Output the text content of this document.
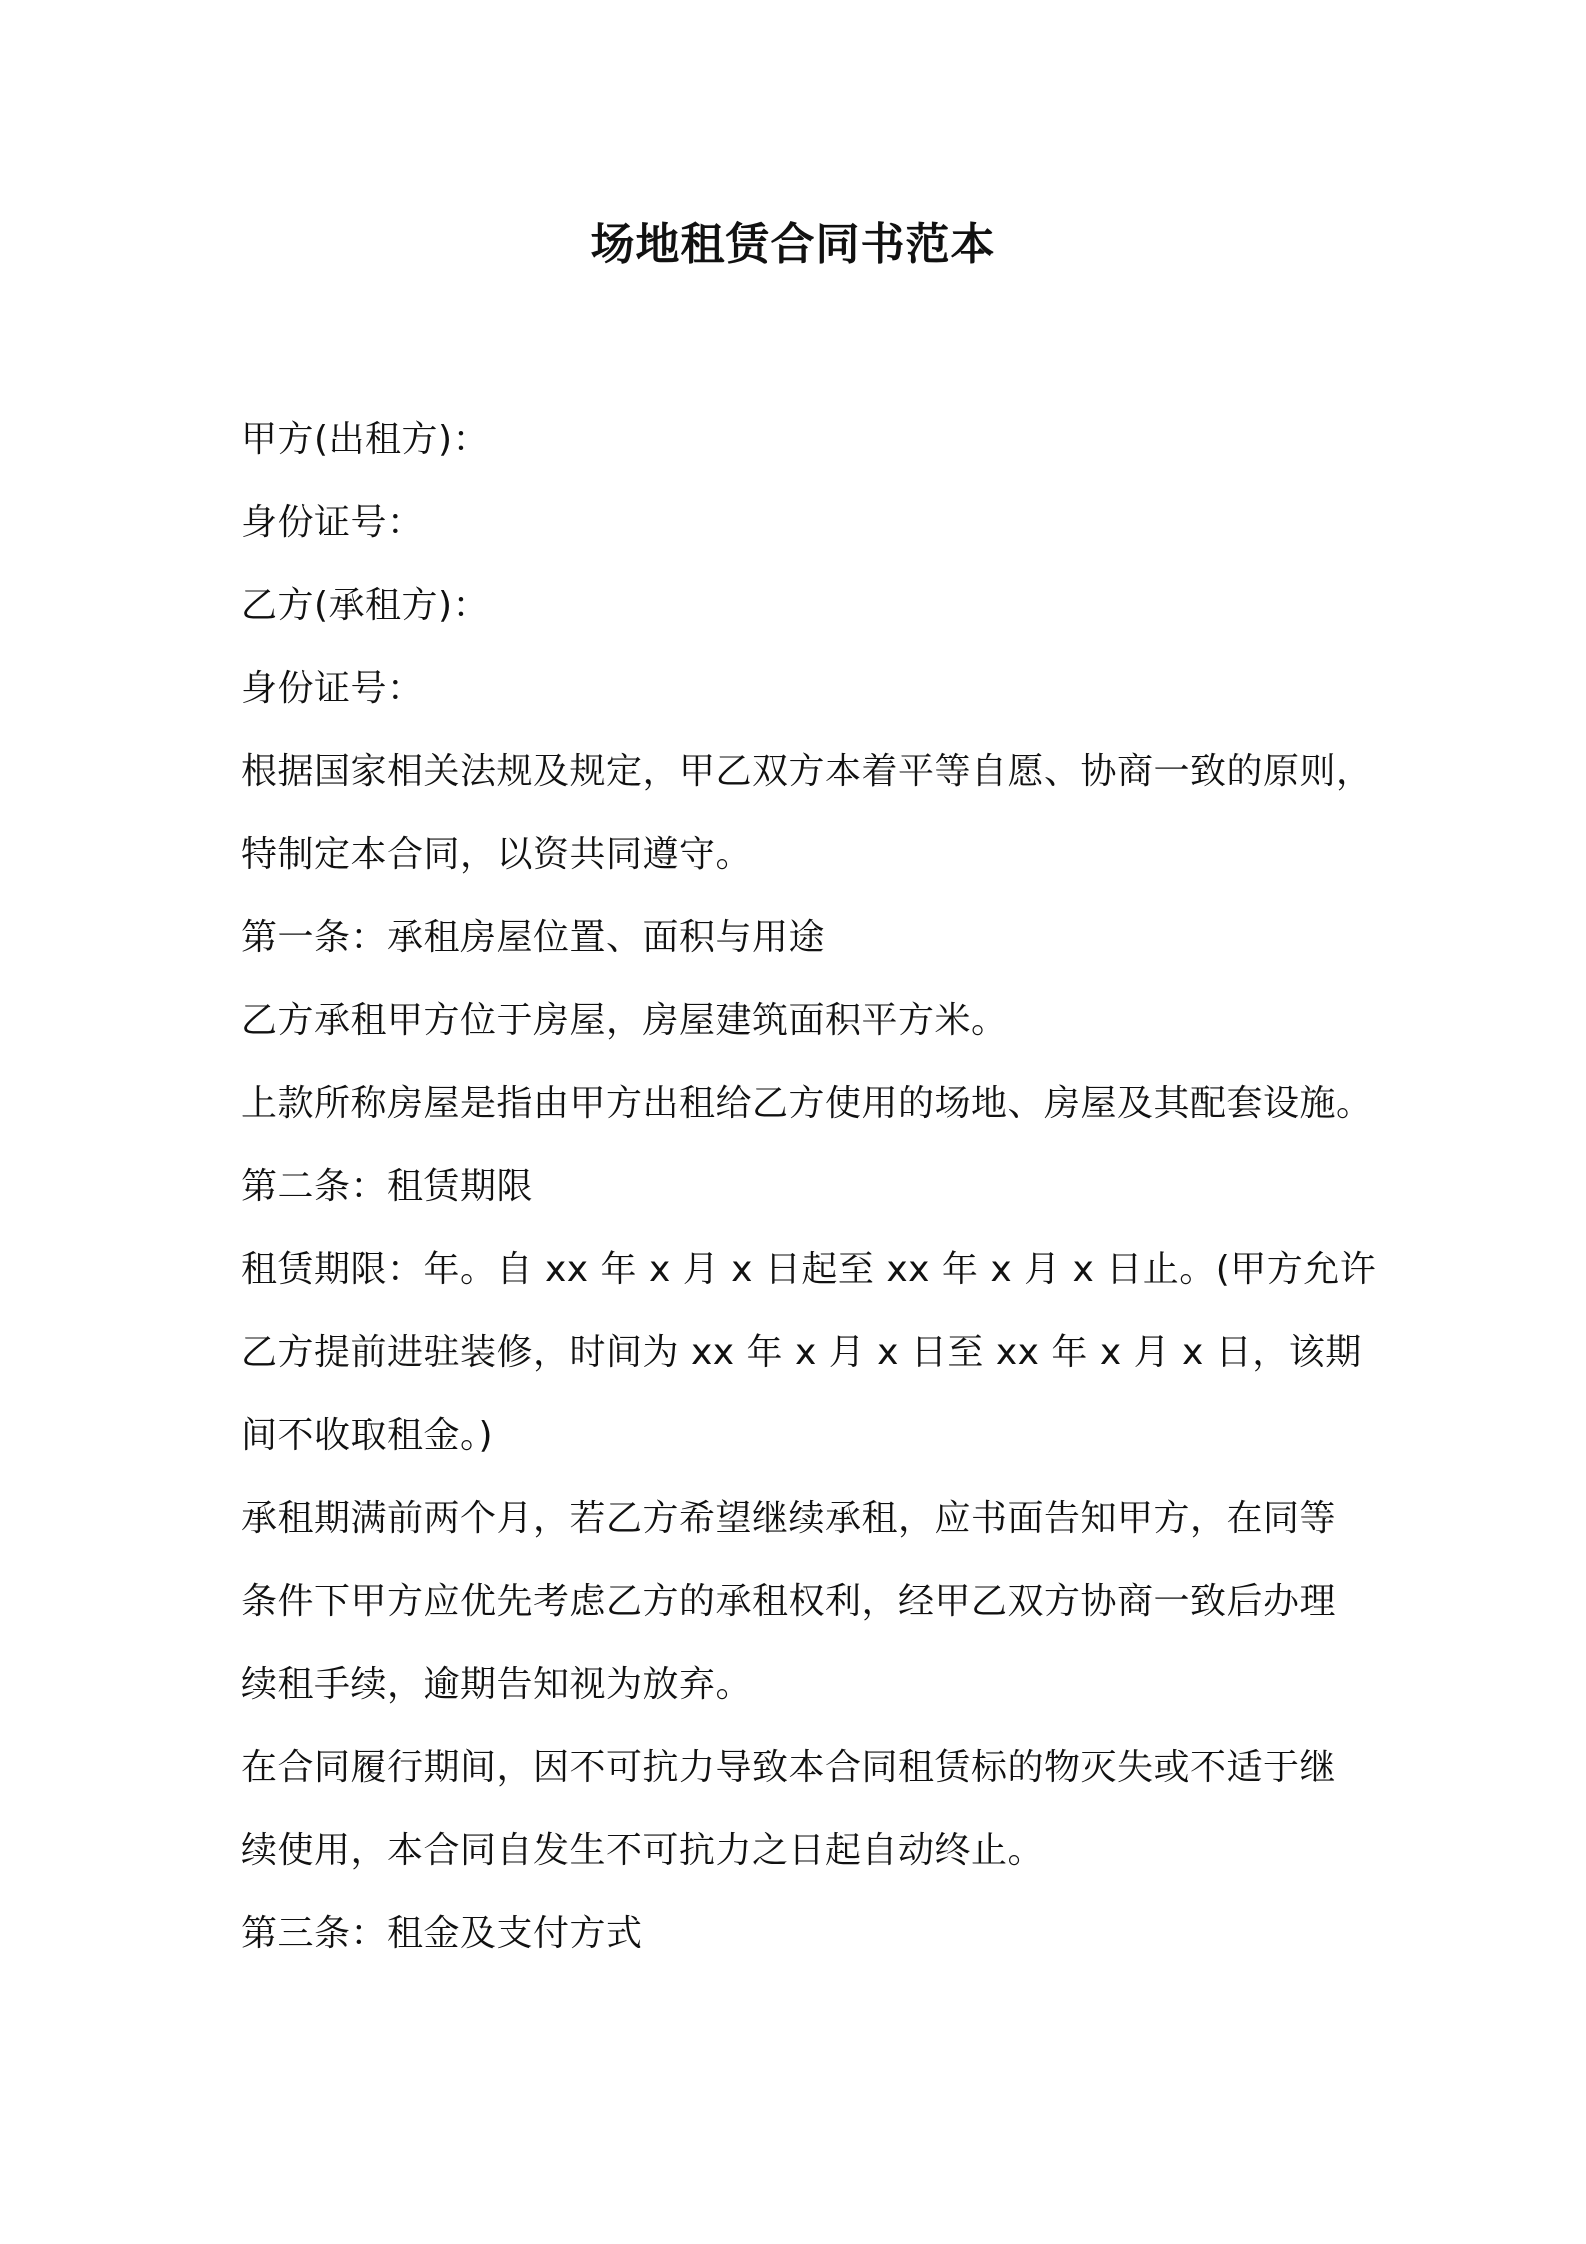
场地租赁合同书范本
甲方(出租方)：
身份证号：
乙方(承租方)：
身份证号：
根据国家相关法规及规定，甲乙双方本着平等自愿、协商一致的原则，
特制定本合同，以资共同遵守。
第一条：承租房屋位置、面积与用途
乙方承租甲方位于房屋，房屋建筑面积平方米。
上款所称房屋是指由甲方出租给乙方使用的场地、房屋及其配套设施。
第二条：租赁期限
租赁期限：年。自 xx 年 x 月 x 日起至 xx 年 x 月 x 日止。(甲方允许
乙方提前进驻装修，时间为 xx 年 x 月 x 日至 xx 年 x 月 x 日，该期
间不收取租金。)
承租期满前两个月，若乙方希望继续承租，应书面告知甲方，在同等
条件下甲方应优先考虑乙方的承租权利，经甲乙双方协商一致后办理
续租手续，逾期告知视为放弃。
在合同履行期间，因不可抗力导致本合同租赁标的物灭失或不适于继
续使用，本合同自发生不可抗力之日起自动终止。
第三条：租金及支付方式
